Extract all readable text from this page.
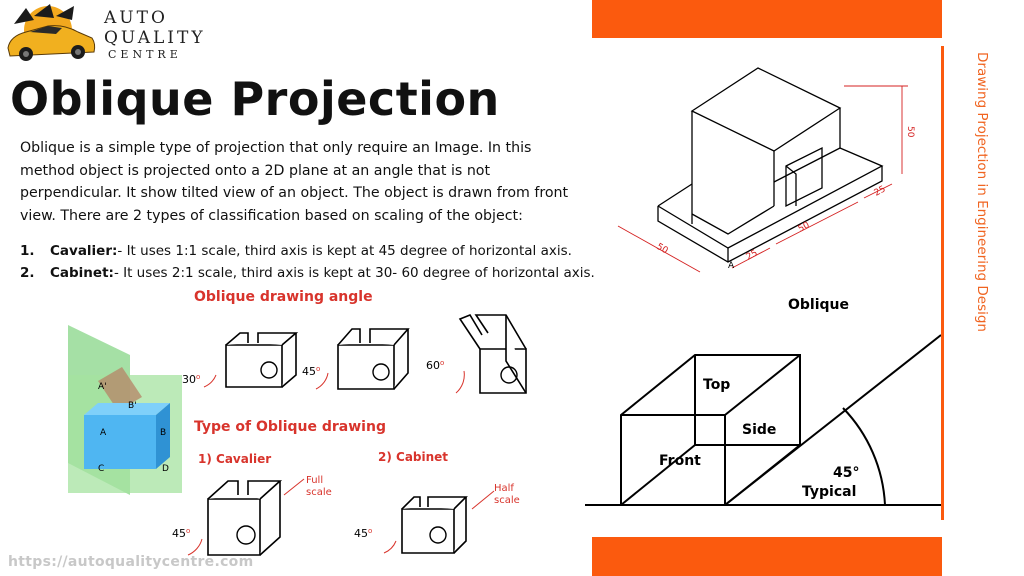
AUTO
QUALITY
CENTRE
Oblique Projection
Oblique is a simple type of projection that only require an Image. In this method object is projected onto a 2D plane at an angle that is not perpendicular. It show tilted view of an object. The object is drawn from front view. There are 2 types of classification based on scaling of the object:
1. Cavalier:- It uses 1:1 scale, third axis is kept at 45 degree of horizontal axis.
2. Cabinet:- It uses 2:1 scale, third axis is kept at 30- 60 degree of horizontal axis.	Drawing Projection in Engineering Design
50
50
25
25
50
A
Oblique
Top
Side
Front
45°
Typical
A'
B'
A	B
C	D
Oblique drawing angle
30 o	45 o	60 o
Type of Oblique drawing
1) Cavalier	2) Cabinet
Full
scale
45 o
Half
scale
45 o
https://autoqualitycentre.com
